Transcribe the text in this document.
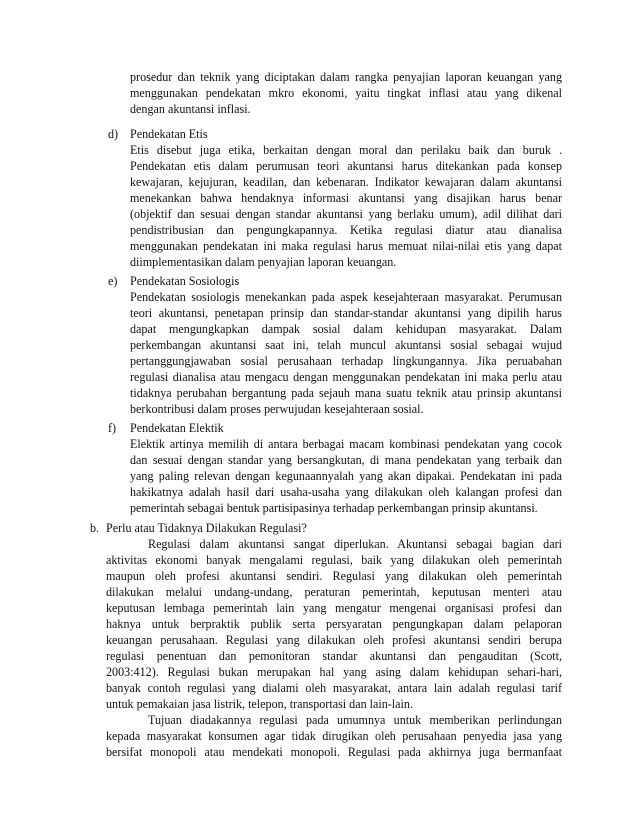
prosedur dan teknik yang diciptakan dalam rangka penyajian laporan keuangan yang
menggunakan pendekatan mkro ekonomi, yaitu tingkat inflasi atau yang dikenal
dengan akuntansi inflasi.
d) Pendekatan Etis
Etis disebut juga etika, berkaitan dengan moral dan perilaku baik dan buruk .
Pendekatan etis dalam perumusan teori akuntansi harus ditekankan pada konsep
kewajaran, kejujuran, keadilan, dan kebenaran. Indikator kewajaran dalam akuntansi
menekankan bahwa hendaknya informasi akuntansi yang disajikan harus benar
(objektif dan sesuai dengan standar akuntansi yang berlaku umum), adil dilihat dari
pendistribusian dan pengungkapannya. Ketika regulasi diatur atau dianalisa
menggunakan pendekatan ini maka regulasi harus memuat nilai-nilai etis yang dapat
diimplementasikan dalam penyajian laporan keuangan.
e) Pendekatan Sosiologis
Pendekatan sosiologis menekankan pada aspek kesejahteraan masyarakat. Perumusan
teori akuntansi, penetapan prinsip dan standar-standar akuntansi yang dipilih harus
dapat mengungkapkan dampak sosial dalam kehidupan masyarakat. Dalam
perkembangan akuntansi saat ini, telah muncul akuntansi sosial sebagai wujud
pertanggungjawaban sosial perusahaan terhadap lingkungannya. Jika peruabahan
regulasi dianalisa atau mengacu dengan menggunakan pendekatan ini maka perlu atau
tidaknya perubahan bergantung pada sejauh mana suatu teknik atau prinsip akuntansi
berkontribusi dalam proses perwujudan kesejahteraan sosial.
f) Pendekatan Elektik
Elektik artinya memilih di antara berbagai macam kombinasi pendekatan yang cocok
dan sesuai dengan standar yang bersangkutan, di mana pendekatan yang terbaik dan
yang paling relevan dengan kegunaannyalah yang akan dipakai. Pendekatan ini pada
hakikatnya adalah hasil dari usaha-usaha yang dilakukan oleh kalangan profesi dan
pemerintah sebagai bentuk partisipasinya terhadap perkembangan prinsip akuntansi.
b. Perlu atau Tidaknya Dilakukan Regulasi?
Regulasi dalam akuntansi sangat diperlukan. Akuntansi sebagai bagian dari
aktivitas ekonomi banyak mengalami regulasi, baik yang dilakukan oleh pemerintah
maupun oleh profesi akuntansi sendiri. Regulasi yang dilakukan oleh pemerintah
dilakukan melalui undang-undang, peraturan pemerintah, keputusan menteri atau
keputusan lembaga pemerintah lain yang mengatur mengenai organisasi profesi dan
haknya untuk berpraktik publik serta persyaratan pengungkapan dalam pelaporan
keuangan perusahaan. Regulasi yang dilakukan oleh profesi akuntansi sendiri berupa
regulasi penentuan dan pemonitoran standar akuntansi dan pengauditan (Scott,
2003:412). Regulasi bukan merupakan hal yang asing dalam kehidupan sehari-hari,
banyak contoh regulasi yang dialami oleh masyarakat, antara lain adalah regulasi tarif
untuk pemakaian jasa listrik, telepon, transportasi dan lain-lain.
Tujuan diadakannya regulasi pada umumnya untuk memberikan perlindungan
kepada masyarakat konsumen agar tidak dirugikan oleh perusahaan penyedia jasa yang
bersifat monopoli atau mendekati monopoli. Regulasi pada akhirnya juga bermanfaat
